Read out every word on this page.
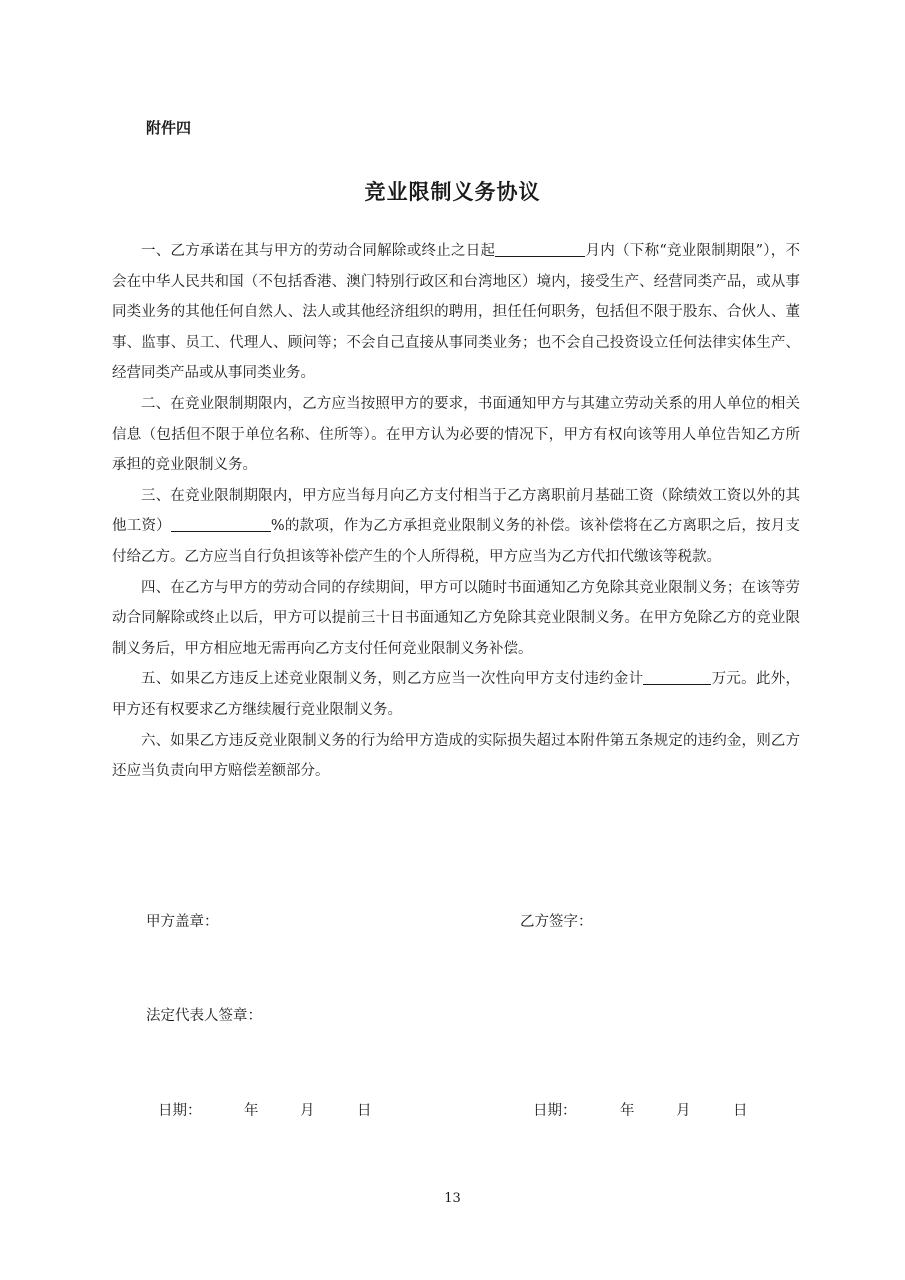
附件四
竞业限制义务协议

一、乙方承诺在其与甲方的劳动合同解除或终止之日起	月内（下称“竞业限制期限”），不会在中华人民共和国（不包括香港、澳门特别行政区和台湾地区）境内，接受生产、经营同类产品，或从事同类业务的其他任何自然人、法人或其他经济组织的聘用，担任任何职务，包括但不限于股东、合伙人、董事、监事、员工、代理人、顾问等；不会自己直接从事同类业务；也不会自己投资设立任何法律实体生产、经营同类产品或从事同类业务。

二、在竞业限制期限内，乙方应当按照甲方的要求，书面通知甲方与其建立劳动关系的用人单位的相关信息（包括但不限于单位名称、住所等）。在甲方认为必要的情况下，甲方有权向该等用人单位告知乙方所承担的竞业限制义务。

三、在竞业限制期限内，甲方应当每月向乙方支付相当于乙方离职前月基础工资（除绩效工资以外的其他工资）	%的款项，作为乙方承担竞业限制义务的补偿。该补偿将在乙方离职之后，按月支付给乙方。乙方应当自行负担该等补偿产生的个人所得税，甲方应当为乙方代扣代缴该等税款。

四、在乙方与甲方的劳动合同的存续期间，甲方可以随时书面通知乙方免除其竞业限制义务；在该等劳动合同解除或终止以后，甲方可以提前三十日书面通知乙方免除其竞业限制义务。在甲方免除乙方的竞业限制义务后，甲方相应地无需再向乙方支付任何竞业限制义务补偿。

五、如果乙方违反上述竞业限制义务，则乙方应当一次性向甲方支付违约金计	万元。此外，甲方还有权要求乙方继续履行竞业限制义务。

六、如果乙方违反竞业限制义务的行为给甲方造成的实际损失超过本附件第五条规定的违约金，则乙方还应当负责向甲方赔偿差额部分。

甲方盖章：	乙方签字：
法定代表人签章：
日期：	年	月	日	日期：	年	月	日
13
